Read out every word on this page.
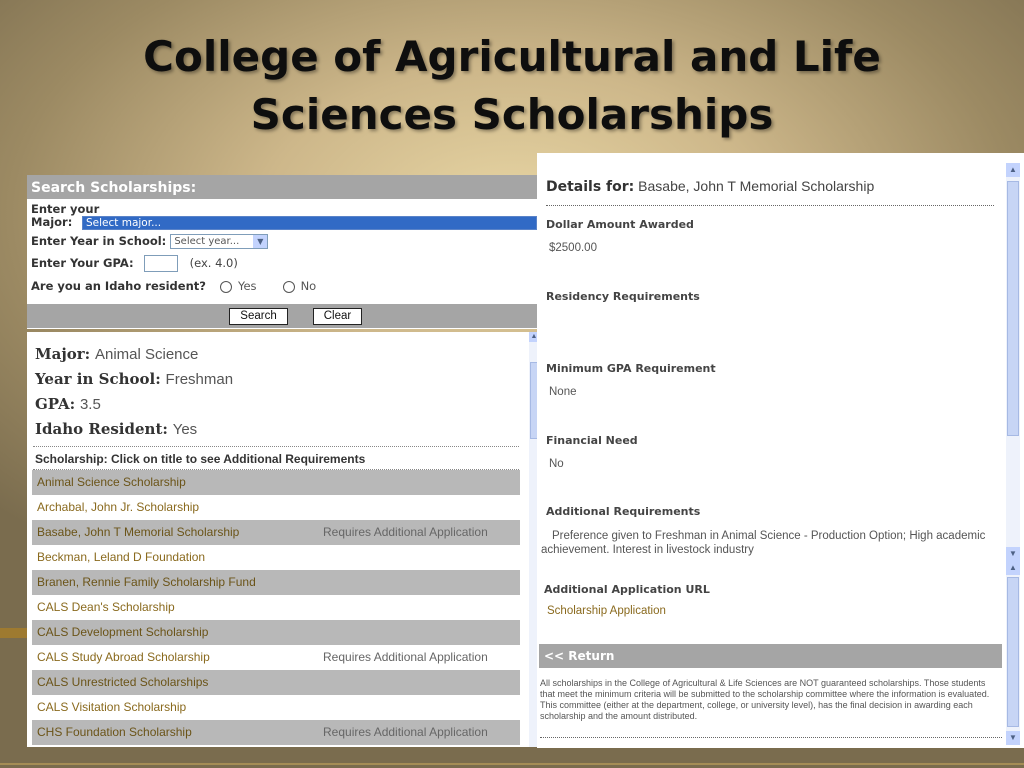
College of Agricultural and Life
Sciences Scholarships
Search Scholarships:
Enter your
Major:	Select major...
Enter Year in School: Select year...	▼
Enter Your GPA:	(ex. 4.0)
Are you an Idaho resident?	Yes	No
Search	Clear
Major: Animal Science
Year in School: Freshman
GPA: 3.5
Idaho Resident: Yes
Scholarship: Click on title to see Additional Requirements
Animal Science Scholarship
Archabal, John Jr. Scholarship
Basabe, John T Memorial Scholarship	Requires Additional Application
Beckman, Leland D Foundation
Branen, Rennie Family Scholarship Fund
CALS Dean's Scholarship
CALS Development Scholarship
CALS Study Abroad Scholarship	Requires Additional Application
CALS Unrestricted Scholarships
CALS Visitation Scholarship
CHS Foundation Scholarship	Requires Additional Application
▲
Details for: Basabe, John T Memorial Scholarship
Dollar Amount Awarded
$2500.00
Residency Requirements
Minimum GPA Requirement
None
Financial Need
No
Additional Requirements
Preference given to Freshman in Animal Science - Production Option; High academic achievement. Interest in livestock industry
Additional Application URL
Scholarship Application
<< Return
All scholarships in the College of Agricultural & Life Sciences are NOT guaranteed scholarships. Those students that meet the minimum criteria will be submitted to the scholarship committee where the information is evaluated. This committee (either at the department, college, or university level), has the final decision in awarding each scholarship and the amount distributed.
▲
▼
▲
▼
